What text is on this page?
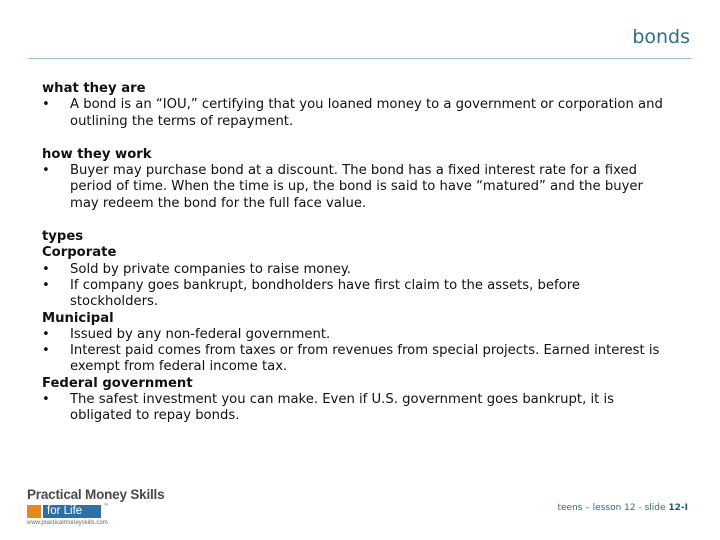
bonds
what they are
•	A bond is an “IOU,” certifying that you loaned money to a government or corporation and outlining the terms of repayment.
how they work
•	Buyer may purchase bond at a discount. The bond has a fixed interest rate for a fixed period of time. When the time is up, the bond is said to have “matured” and the buyer may redeem the bond for the full face value.
types
Corporate
•	Sold by private companies to raise money.
•	If company goes bankrupt, bondholders have first claim to the assets, before stockholders.
Municipal
•	Issued by any non-federal government.
•	Interest paid comes from taxes or from revenues from special projects. Earned interest is exempt from federal income tax.
Federal government
•	The safest investment you can make. Even if U.S. government goes bankrupt, it is obligated to repay bonds.
Practical Money Skills
for Life	™
www.practicalmoneyskills.com
teens – lesson 12 - slide 12-I
